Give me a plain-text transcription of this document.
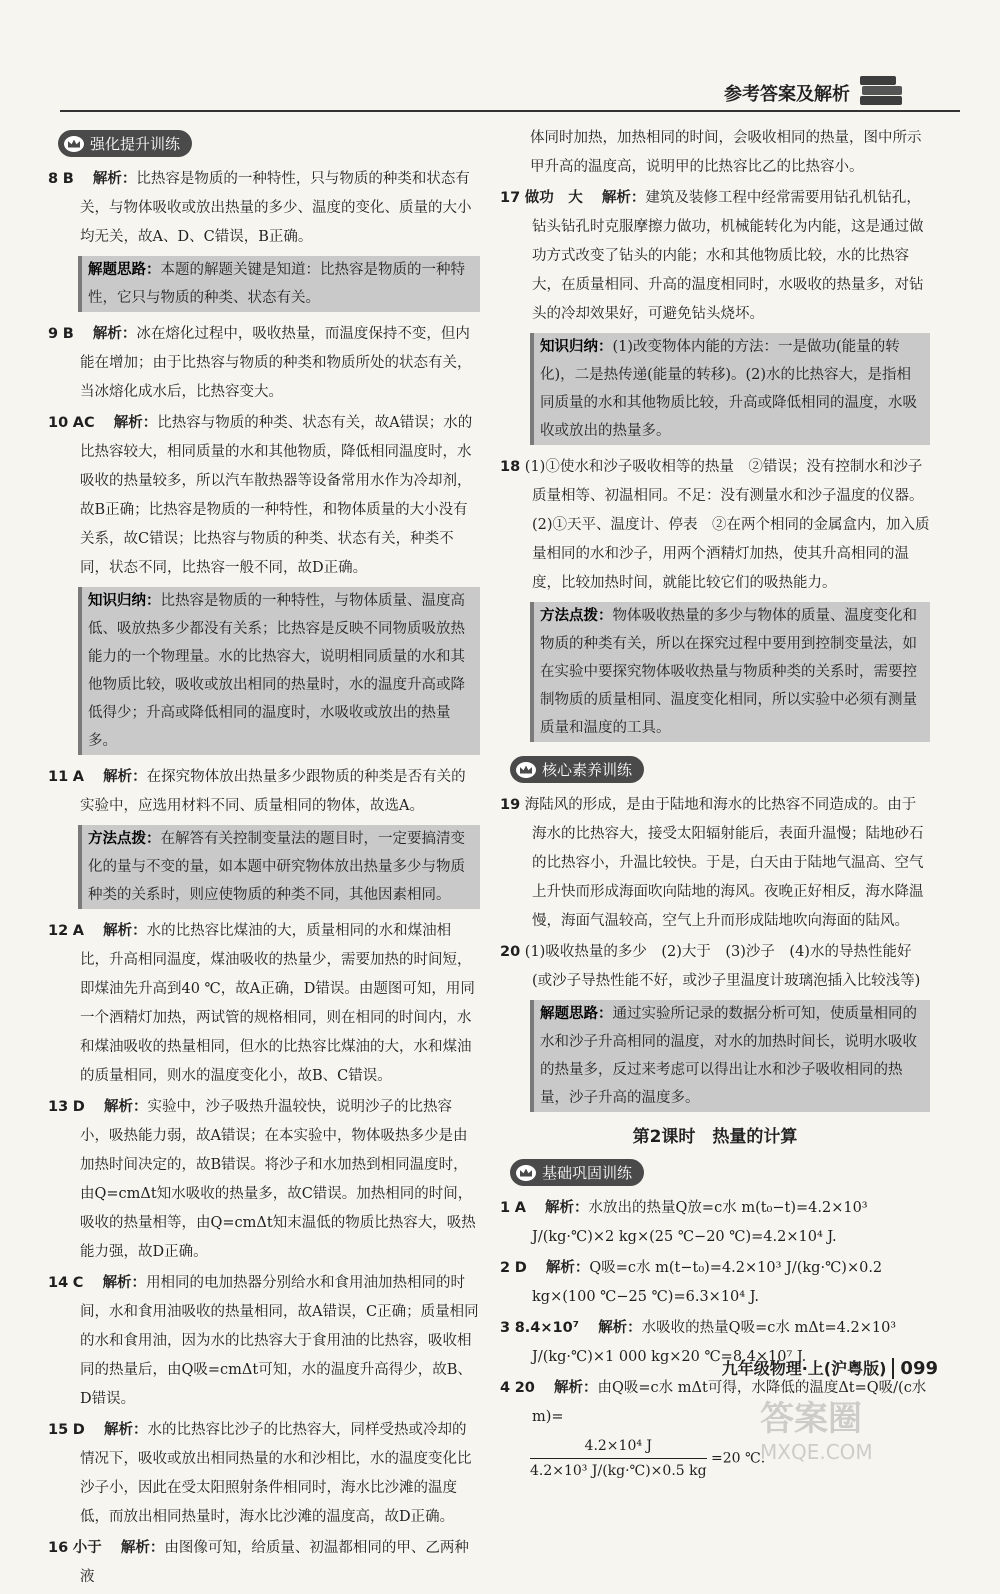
参考答案及解析
强化提升训练
8 B　 解析：比热容是物质的一种特性，只与物质的种类和状态有关，与物体吸收或放出热量的多少、温度的变化、质量的大小均无关，故A、D、C错误，B正确。
解题思路：本题的解题关键是知道：比热容是物质的一种特性，它只与物质的种类、状态有关。
9 B　 解析：冰在熔化过程中，吸收热量，而温度保持不变，但内能在增加；由于比热容与物质的种类和物质所处的状态有关，当冰熔化成水后，比热容变大。
10 AC　 解析：比热容与物质的种类、状态有关，故A错误；水的比热容较大，相同质量的水和其他物质，降低相同温度时，水吸收的热量较多，所以汽车散热器等设备常用水作为冷却剂，故B正确；比热容是物质的一种特性，和物体质量的大小没有关系，故C错误；比热容与物质的种类、状态有关，种类不同，状态不同，比热容一般不同，故D正确。
知识归纳：比热容是物质的一种特性，与物体质量、温度高低、吸放热多少都没有关系；比热容是反映不同物质吸放热能力的一个物理量。水的比热容大，说明相同质量的水和其他物质比较，吸收或放出相同的热量时，水的温度升高或降低得少；升高或降低相同的温度时，水吸收或放出的热量多。
11 A　 解析：在探究物体放出热量多少跟物质的种类是否有关的实验中，应选用材料不同、质量相同的物体，故选A。
方法点拨：在解答有关控制变量法的题目时，一定要搞清变化的量与不变的量，如本题中研究物体放出热量多少与物质种类的关系时，则应使物质的种类不同，其他因素相同。
12 A　 解析：水的比热容比煤油的大，质量相同的水和煤油相比，升高相同温度，煤油吸收的热量少，需要加热的时间短，即煤油先升高到40 ℃，故A正确，D错误。由题图可知，用同一个酒精灯加热，两试管的规格相同，则在相同的时间内，水和煤油吸收的热量相同，但水的比热容比煤油的大，水和煤油的质量相同，则水的温度变化小，故B、C错误。
13 D　 解析：实验中，沙子吸热升温较快，说明沙子的比热容小，吸热能力弱，故A错误；在本实验中，物体吸热多少是由加热时间决定的，故B错误。将沙子和水加热到相同温度时，由Q=cmΔt知水吸收的热量多，故C错误。加热相同的时间，吸收的热量相等，由Q=cmΔt知末温低的物质比热容大，吸热能力强，故D正确。
14 C　 解析：用相同的电加热器分别给水和食用油加热相同的时间，水和食用油吸收的热量相同，故A错误，C正确；质量相同的水和食用油，因为水的比热容大于食用油的比热容，吸收相同的热量后，由Q吸=cmΔt可知，水的温度升高得少，故B、D错误。
15 D　 解析：水的比热容比沙子的比热容大，同样受热或冷却的情况下，吸收或放出相同热量的水和沙相比，水的温度变化比沙子小，因此在受太阳照射条件相同时，海水比沙滩的温度低，而放出相同热量时，海水比沙滩的温度高，故D正确。
16 小于　 解析：由图像可知，给质量、初温都相同的甲、乙两种液
体同时加热，加热相同的时间，会吸收相同的热量，图中所示甲升高的温度高，说明甲的比热容比乙的比热容小。
17 做功　大　 解析：建筑及装修工程中经常需要用钻孔机钻孔，钻头钻孔时克服摩擦力做功，机械能转化为内能，这是通过做功方式改变了钻头的内能；水和其他物质比较，水的比热容大，在质量相同、升高的温度相同时，水吸收的热量多，对钻头的冷却效果好，可避免钻头烧坏。
知识归纳：(1)改变物体内能的方法：一是做功(能量的转化)，二是热传递(能量的转移)。(2)水的比热容大，是指相同质量的水和其他物质比较，升高或降低相同的温度，水吸收或放出的热量多。
18 (1)①使水和沙子吸收相等的热量　②错误；没有控制水和沙子质量相等、初温相同。不足：没有测量水和沙子温度的仪器。(2)①天平、温度计、停表　②在两个相同的金属盒内，加入质量相同的水和沙子，用两个酒精灯加热，使其升高相同的温度，比较加热时间，就能比较它们的吸热能力。
方法点拨：物体吸收热量的多少与物体的质量、温度变化和物质的种类有关，所以在探究过程中要用到控制变量法，如在实验中要探究物体吸收热量与物质种类的关系时，需要控制物质的质量相同、温度变化相同，所以实验中必须有测量质量和温度的工具。
核心素养训练
19 海陆风的形成，是由于陆地和海水的比热容不同造成的。由于海水的比热容大，接受太阳辐射能后，表面升温慢；陆地砂石的比热容小，升温比较快。于是，白天由于陆地气温高、空气上升快而形成海面吹向陆地的海风。夜晚正好相反，海水降温慢，海面气温较高，空气上升而形成陆地吹向海面的陆风。
20 (1)吸收热量的多少　(2)大于　(3)沙子　(4)水的导热性能好(或沙子导热性能不好，或沙子里温度计玻璃泡插入比较浅等)
解题思路：通过实验所记录的数据分析可知，使质量相同的水和沙子升高相同的温度，对水的加热时间长，说明水吸收的热量多，反过来考虑可以得出让水和沙子吸收相同的热量，沙子升高的温度多。
第2课时　热量的计算
基础巩固训练
1 A　 解析：水放出的热量Q放=c水 m(t₀−t)=4.2×10³ J/(kg·℃)×2 kg×(25 ℃−20 ℃)=4.2×10⁴ J.
2 D　 解析：Q吸=c水 m(t−t₀)=4.2×10³ J/(kg·℃)×0.2 kg×(100 ℃−25 ℃)=6.3×10⁴ J.
3 8.4×10⁷　 解析：水吸收的热量Q吸=c水 mΔt=4.2×10³ J/(kg·℃)×1 000 kg×20 ℃=8.4×10⁷ J.
4 20　 解析：由Q吸=c水 mΔt可得，水降低的温度Δt=Q吸/(c水 m)=
$\frac{\text{4.2×10⁴ J}}{\text{4.2×10³ J/(kg·℃)×0.5 kg}} =20$ ℃.
九年级物理·上(沪粤版) 099
答案圈
MXQE.COM
